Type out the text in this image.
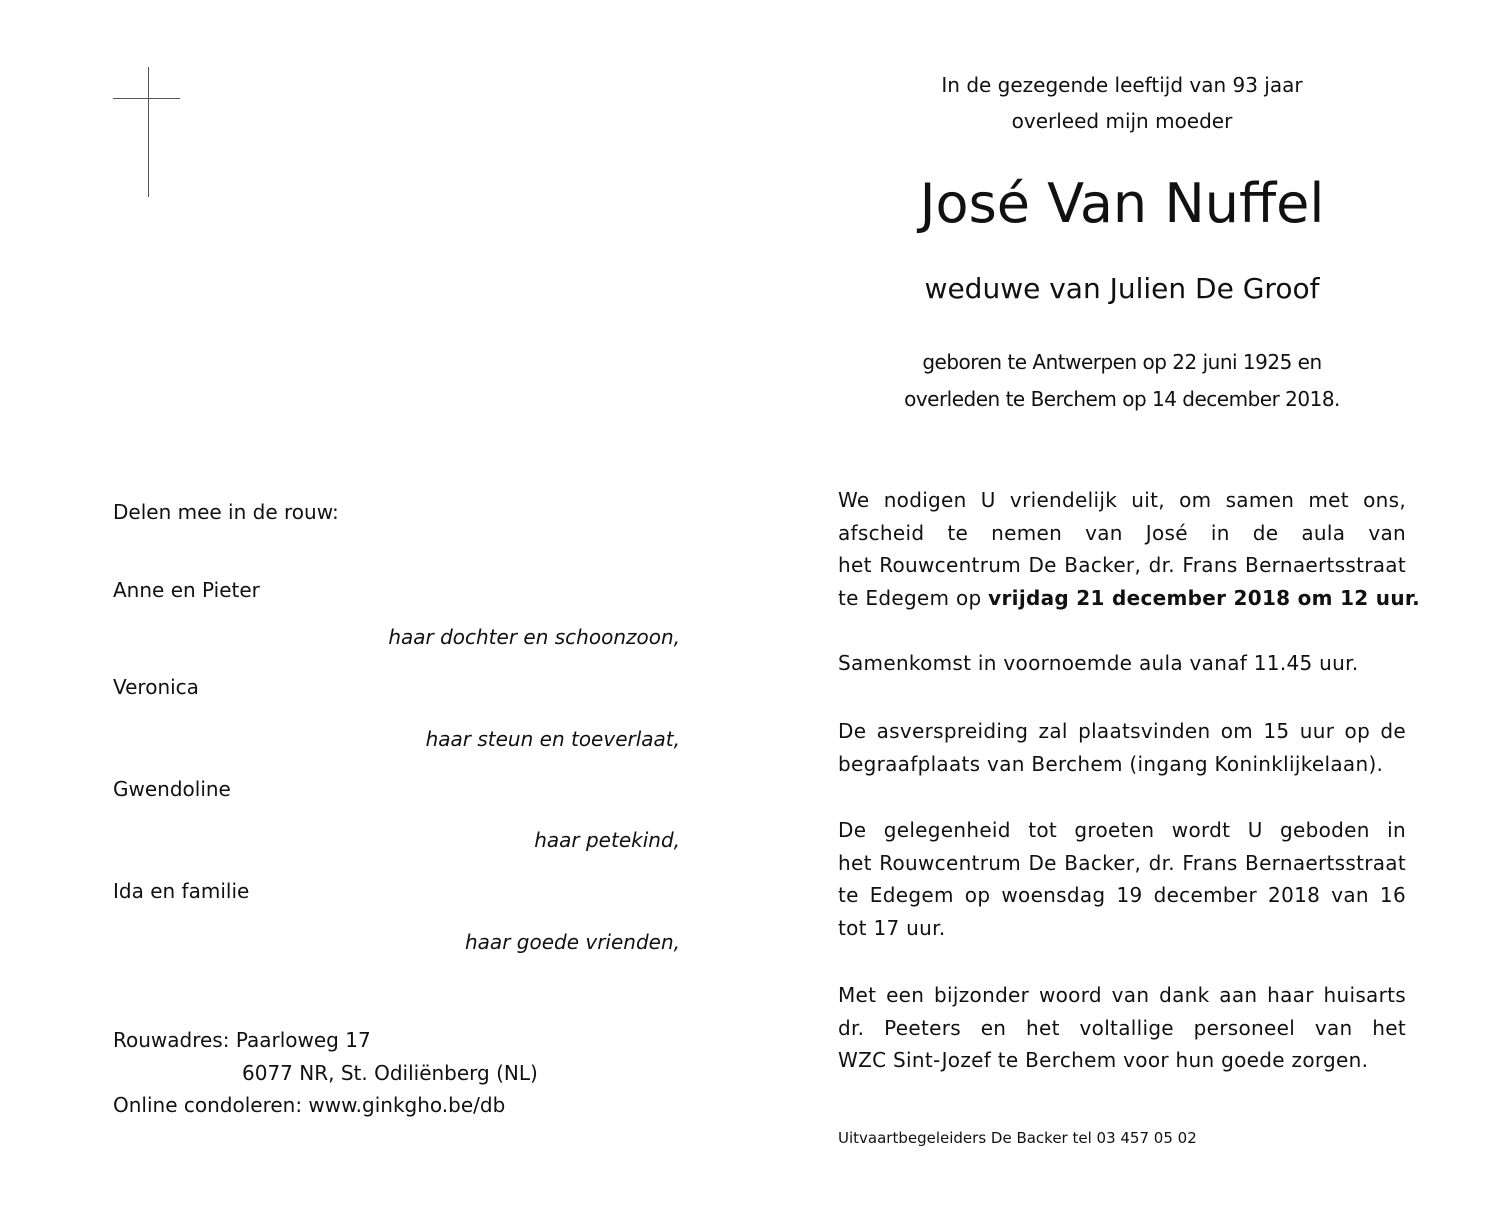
In de gezegende leeftijd van 93 jaar
overleed mijn moeder
José Van Nuffel
weduwe van Julien De Groof
geboren te Antwerpen op 22 juni 1925 en
overleden te Berchem op 14 december 2018.
We nodigen U vriendelijk uit, om samen met ons,
afscheid te nemen van José in de aula van
het Rouwcentrum De Backer, dr. Frans Bernaertsstraat
te Edegem op vrijdag 21 december 2018 om 12 uur.
Samenkomst in voornoemde aula vanaf 11.45 uur.
De asverspreiding zal plaatsvinden om 15 uur op de
begraafplaats van Berchem (ingang Koninklijkelaan).
De gelegenheid tot groeten wordt U geboden in
het Rouwcentrum De Backer, dr. Frans Bernaertsstraat
te Edegem op woensdag 19 december 2018 van 16
tot 17 uur.
Met een bijzonder woord van dank aan haar huisarts
dr. Peeters en het voltallige personeel van het
WZC Sint-Jozef te Berchem voor hun goede zorgen.
Uitvaartbegeleiders De Backer tel 03 457 05 02
Delen mee in de rouw:
Anne en Pieter
haar dochter en schoonzoon,
Veronica
haar steun en toeverlaat,
Gwendoline
haar petekind,
Ida en familie
haar goede vrienden,
Rouwadres: Paarloweg 17
6077 NR, St. Odiliënberg (NL)
Online condoleren: www.ginkgho.be/db
